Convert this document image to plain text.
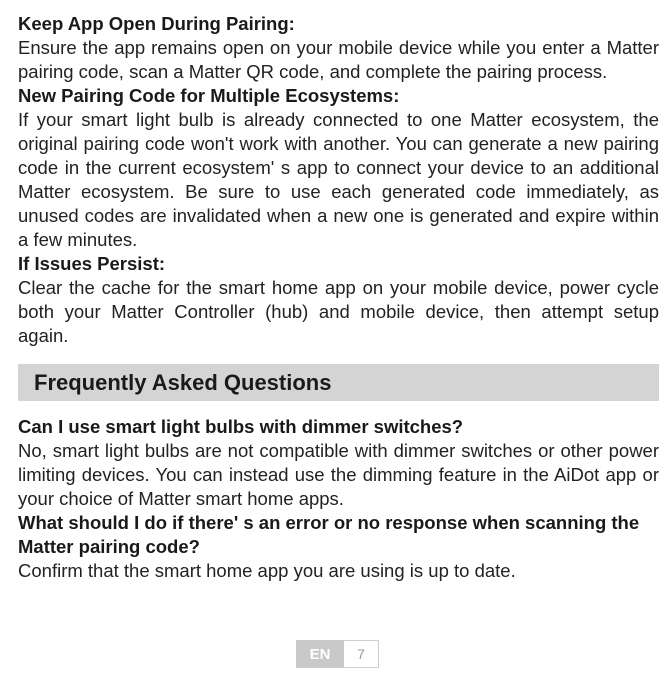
Keep App Open During Pairing:

Ensure the app remains open on your mobile device while you enter a Matter pairing code, scan a Matter QR code, and complete the pairing process.

New Pairing Code for Multiple Ecosystems:

If your smart light bulb is already connected to one Matter ecosystem, the original pairing code won't work with another. You can generate a new pairing code in the current ecosystem' s app to connect your device to an additional Matter ecosystem. Be sure to use each generated code immediately, as unused codes are invalidated when a new one is generated and expire within a few minutes.

If Issues Persist:

Clear the cache for the smart home app on your mobile device, power cycle both your Matter Controller (hub) and mobile device, then attempt setup again.

Frequently Asked Questions

Can I use smart light bulbs with dimmer switches?

No, smart light bulbs are not compatible with dimmer switches or other power limiting devices. You can instead use the dimming feature in the AiDot app or your choice of Matter smart home apps.

What should I do if there' s an error or no response when scanning the Matter pairing code?

Confirm that the smart home app you are using is up to date.

EN	7
